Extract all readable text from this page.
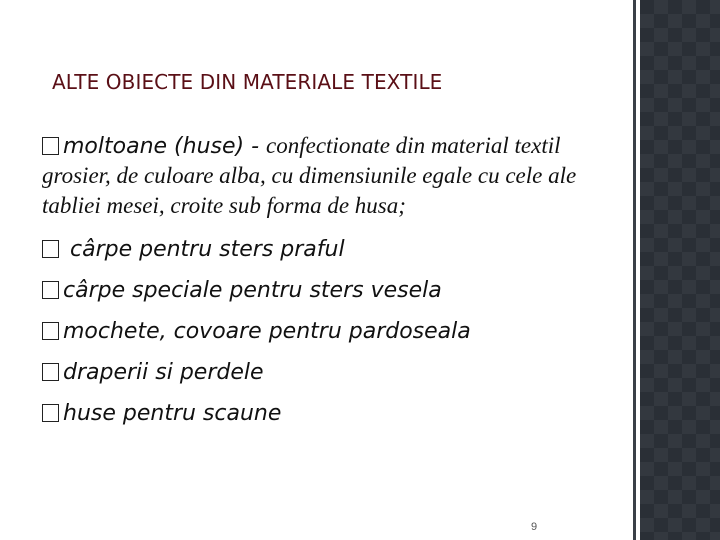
ALTE OBIECTE DIN MATERIALE TEXTILE
moltoane (huse) - confectionate din material textil grosier, de culoare alba, cu dimensiunile egale cu cele ale tabliei mesei, croite sub forma de husa;
cârpe pentru sters praful
cârpe speciale pentru sters vesela
mochete, covoare pentru pardoseala
draperii si perdele
huse pentru scaune
9
